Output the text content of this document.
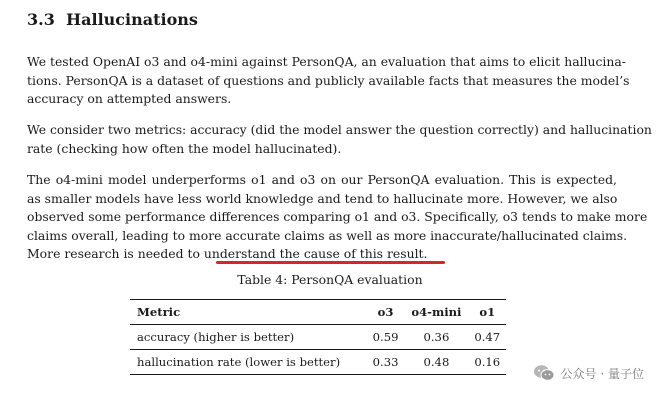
3.3 Hallucinations
We tested OpenAI o3 and o4-mini against PersonQA, an evaluation that aims to elicit hallucina-
tions. PersonQA is a dataset of questions and publicly available facts that measures the model’s
accuracy on attempted answers.
We consider two metrics: accuracy (did the model answer the question correctly) and hallucination
rate (checking how often the model hallucinated).
The o4-mini model underperforms o1 and o3 on our PersonQA evaluation. This is expected,
as smaller models have less world knowledge and tend to hallucinate more. However, we also
observed some performance differences comparing o1 and o3. Specifically, o3 tends to make more
claims overall, leading to more accurate claims as well as more inaccurate/hallucinated claims.
More research is needed to understand the cause of this result.
Table 4: PersonQA evaluation
Metric	o3	o4-mini	o1
accuracy (higher is better)	0.59	0.36	0.47
hallucination rate (lower is better)	0.33	0.48	0.16
公众号 · 量子位
